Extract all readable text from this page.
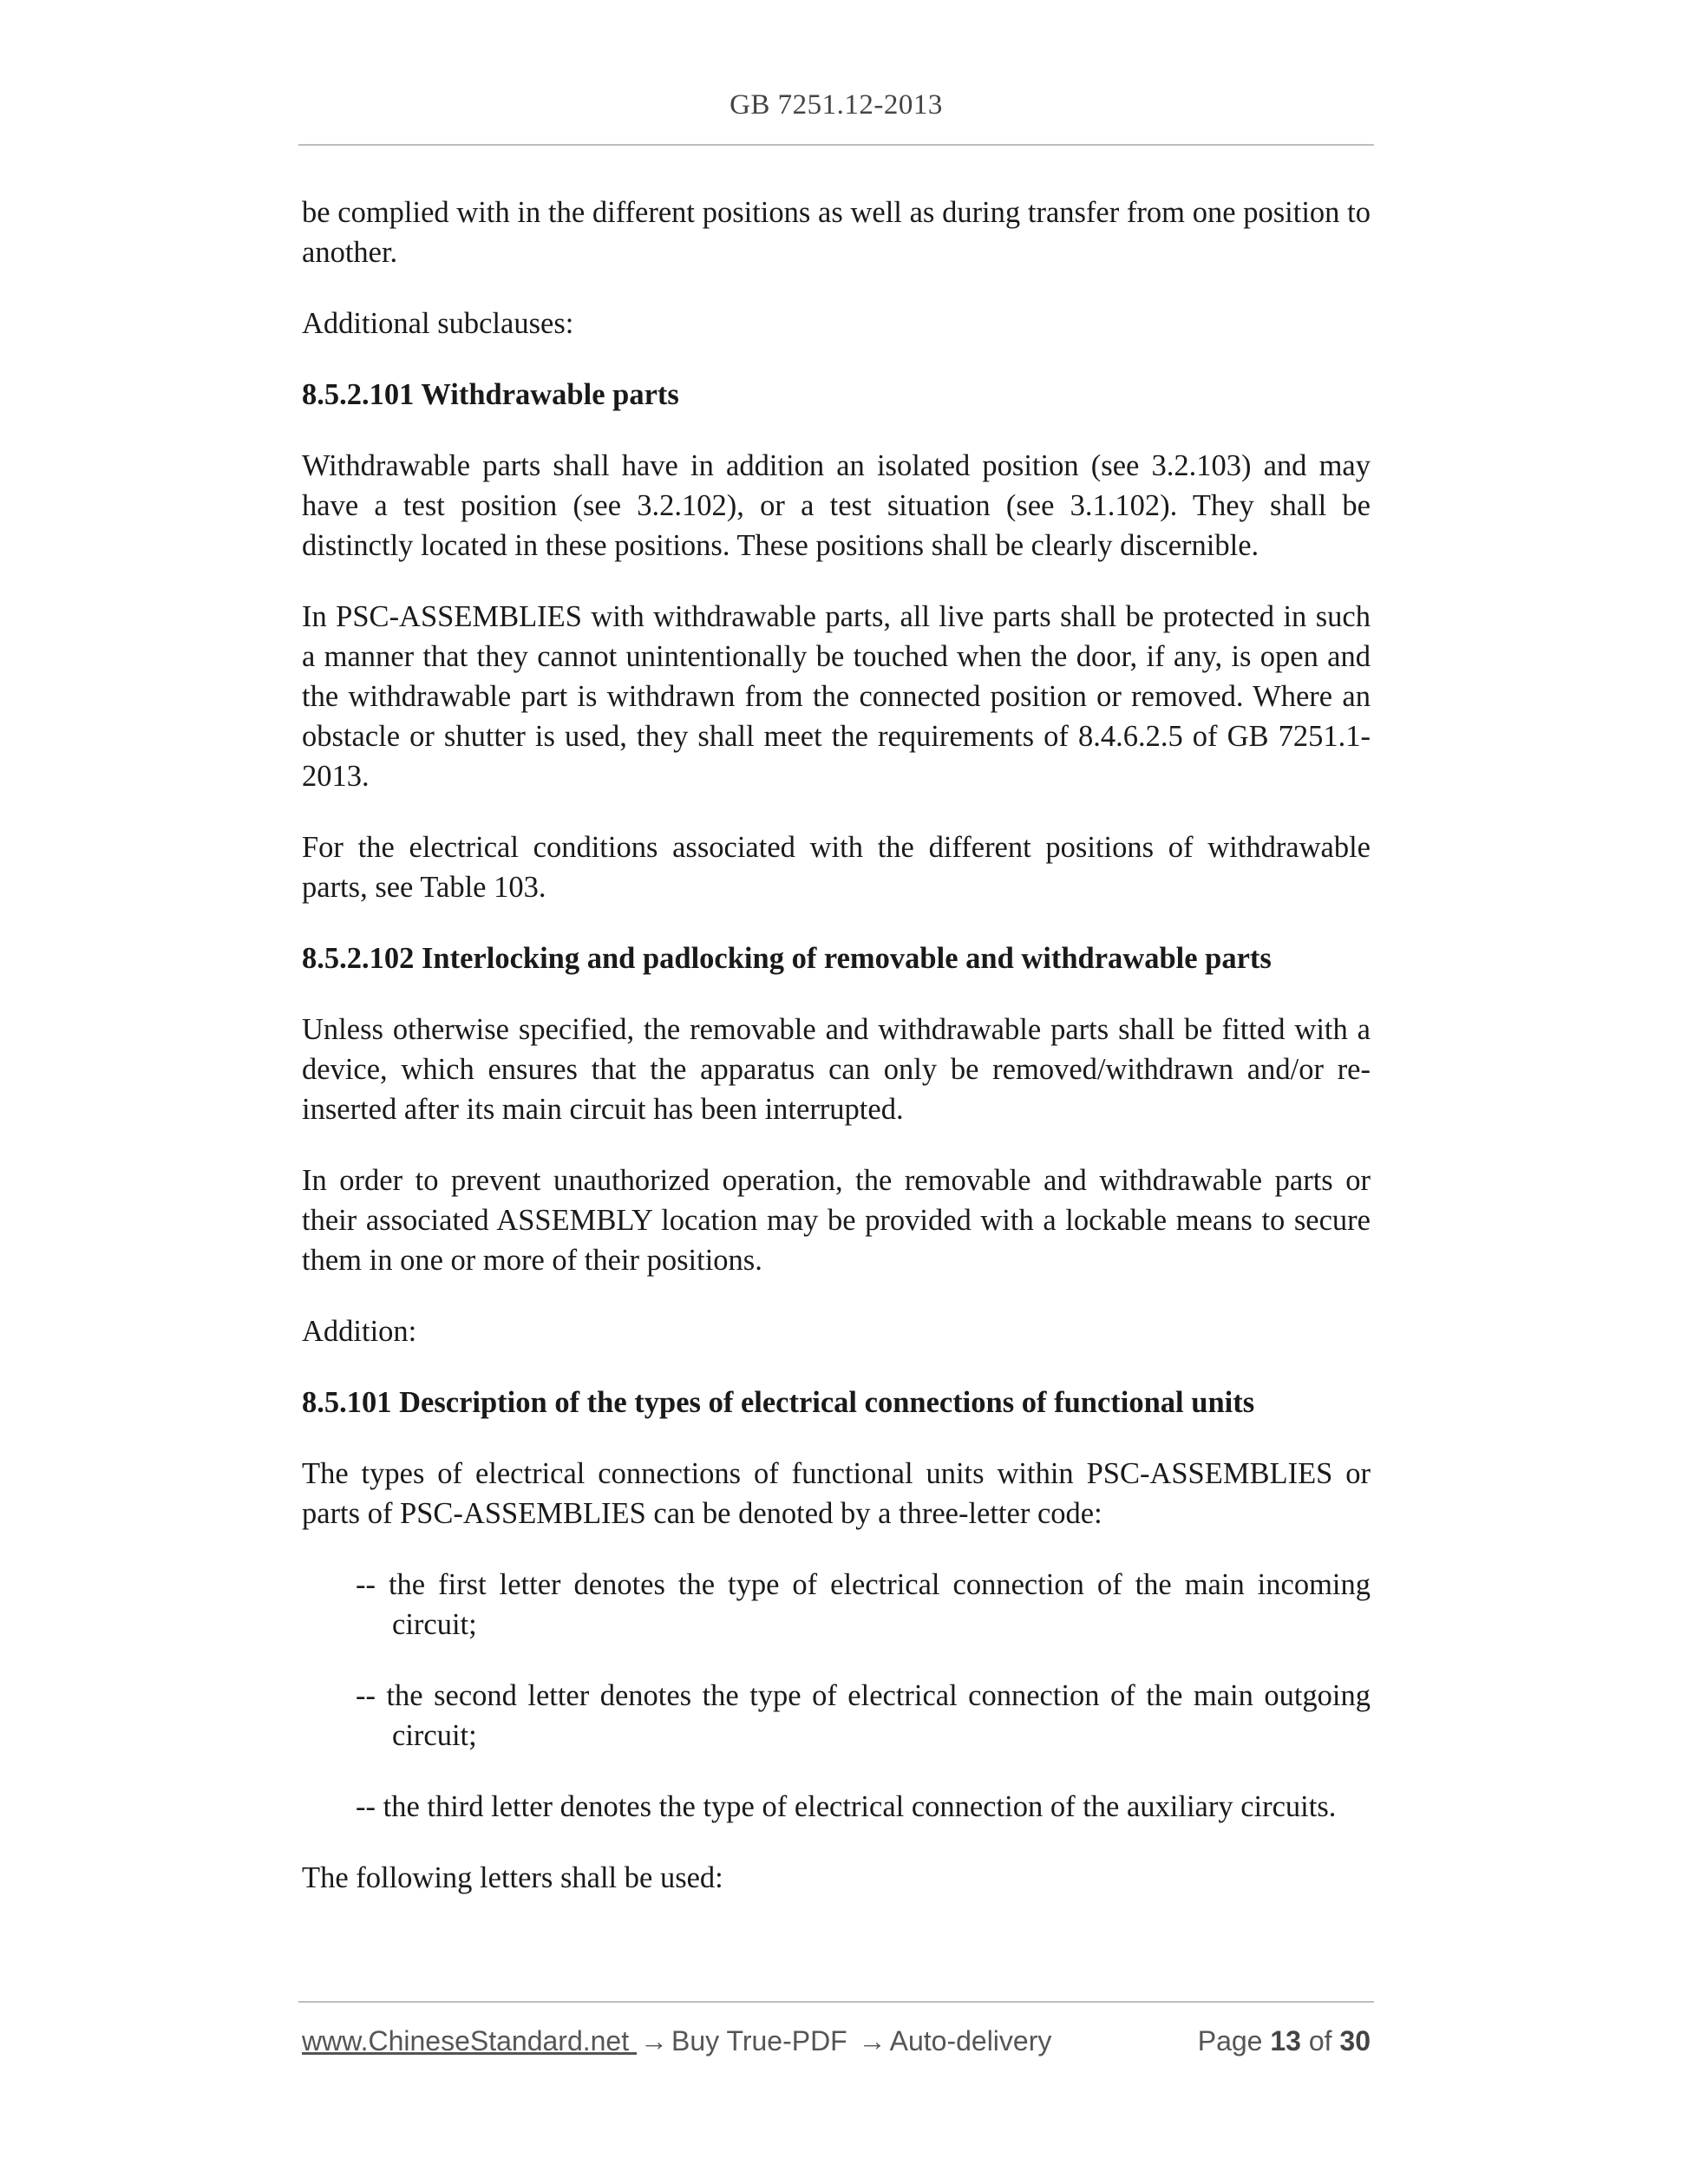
GB 7251.12-2013

be complied with in the different positions as well as during transfer from one position to another.

Additional subclauses:

8.5.2.101 Withdrawable parts

Withdrawable parts shall have in addition an isolated position (see 3.2.103) and may have a test position (see 3.2.102), or a test situation (see 3.1.102). They shall be distinctly located in these positions. These positions shall be clearly discernible.

In PSC-ASSEMBLIES with withdrawable parts, all live parts shall be protected in such a manner that they cannot unintentionally be touched when the door, if any, is open and the withdrawable part is withdrawn from the connected position or removed. Where an obstacle or shutter is used, they shall meet the requirements of 8.4.6.2.5 of GB 7251.1-2013.

For the electrical conditions associated with the different positions of withdrawable parts, see Table 103.

8.5.2.102 Interlocking and padlocking of removable and withdrawable parts

Unless otherwise specified, the removable and withdrawable parts shall be fitted with a device, which ensures that the apparatus can only be removed/withdrawn and/or re-inserted after its main circuit has been interrupted.

In order to prevent unauthorized operation, the removable and withdrawable parts or their associated ASSEMBLY location may be provided with a lockable means to secure them in one or more of their positions.

Addition:

8.5.101 Description of the types of electrical connections of functional units

The types of electrical connections of functional units within PSC-ASSEMBLIES or parts of PSC-ASSEMBLIES can be denoted by a three-letter code:

-- the first letter denotes the type of electrical connection of the main incoming circuit;

-- the second letter denotes the type of electrical connection of the main outgoing circuit;

-- the third letter denotes the type of electrical connection of the auxiliary circuits.

The following letters shall be used:

www.ChineseStandard.net → Buy True-PDF → Auto-delivery	Page 13 of 30
